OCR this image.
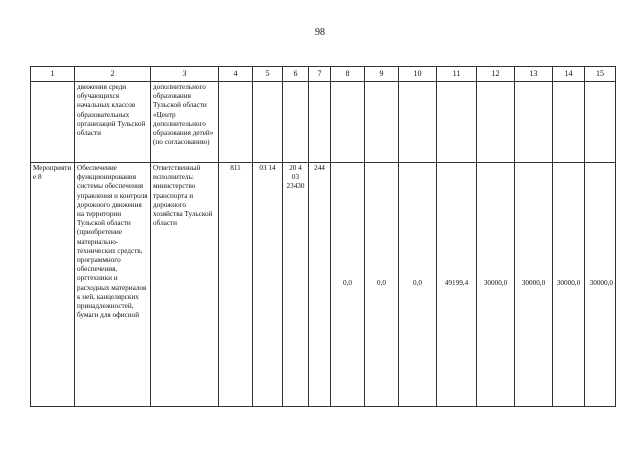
98
1	2	3	4	5	6	7	8	9	10	11	12	13	14	15
	движения среди обучающихся начальных классов образовательных организаций Тульской области	дополнительного образования Тульской области «Центр дополнительного образования детей» (по согласованию)												
Мероприятие 8	Обеспечение функционирования системы обеспечения управления и контроля дорожного движения на территории Тульской области (приобретение материально-технических средств, программного обеспечения, оргтехники и расходных материалов к ней, канцелярских принадлежностей, бумаги для офисной	Ответственный исполнитель: министерство транспорта и дорожного хозяйства Тульской области	811	03 14	20 4 03 23430	244	0,0	0,0	0,0	49199,4	30000,0	30000,0	30000,0	30000,0
